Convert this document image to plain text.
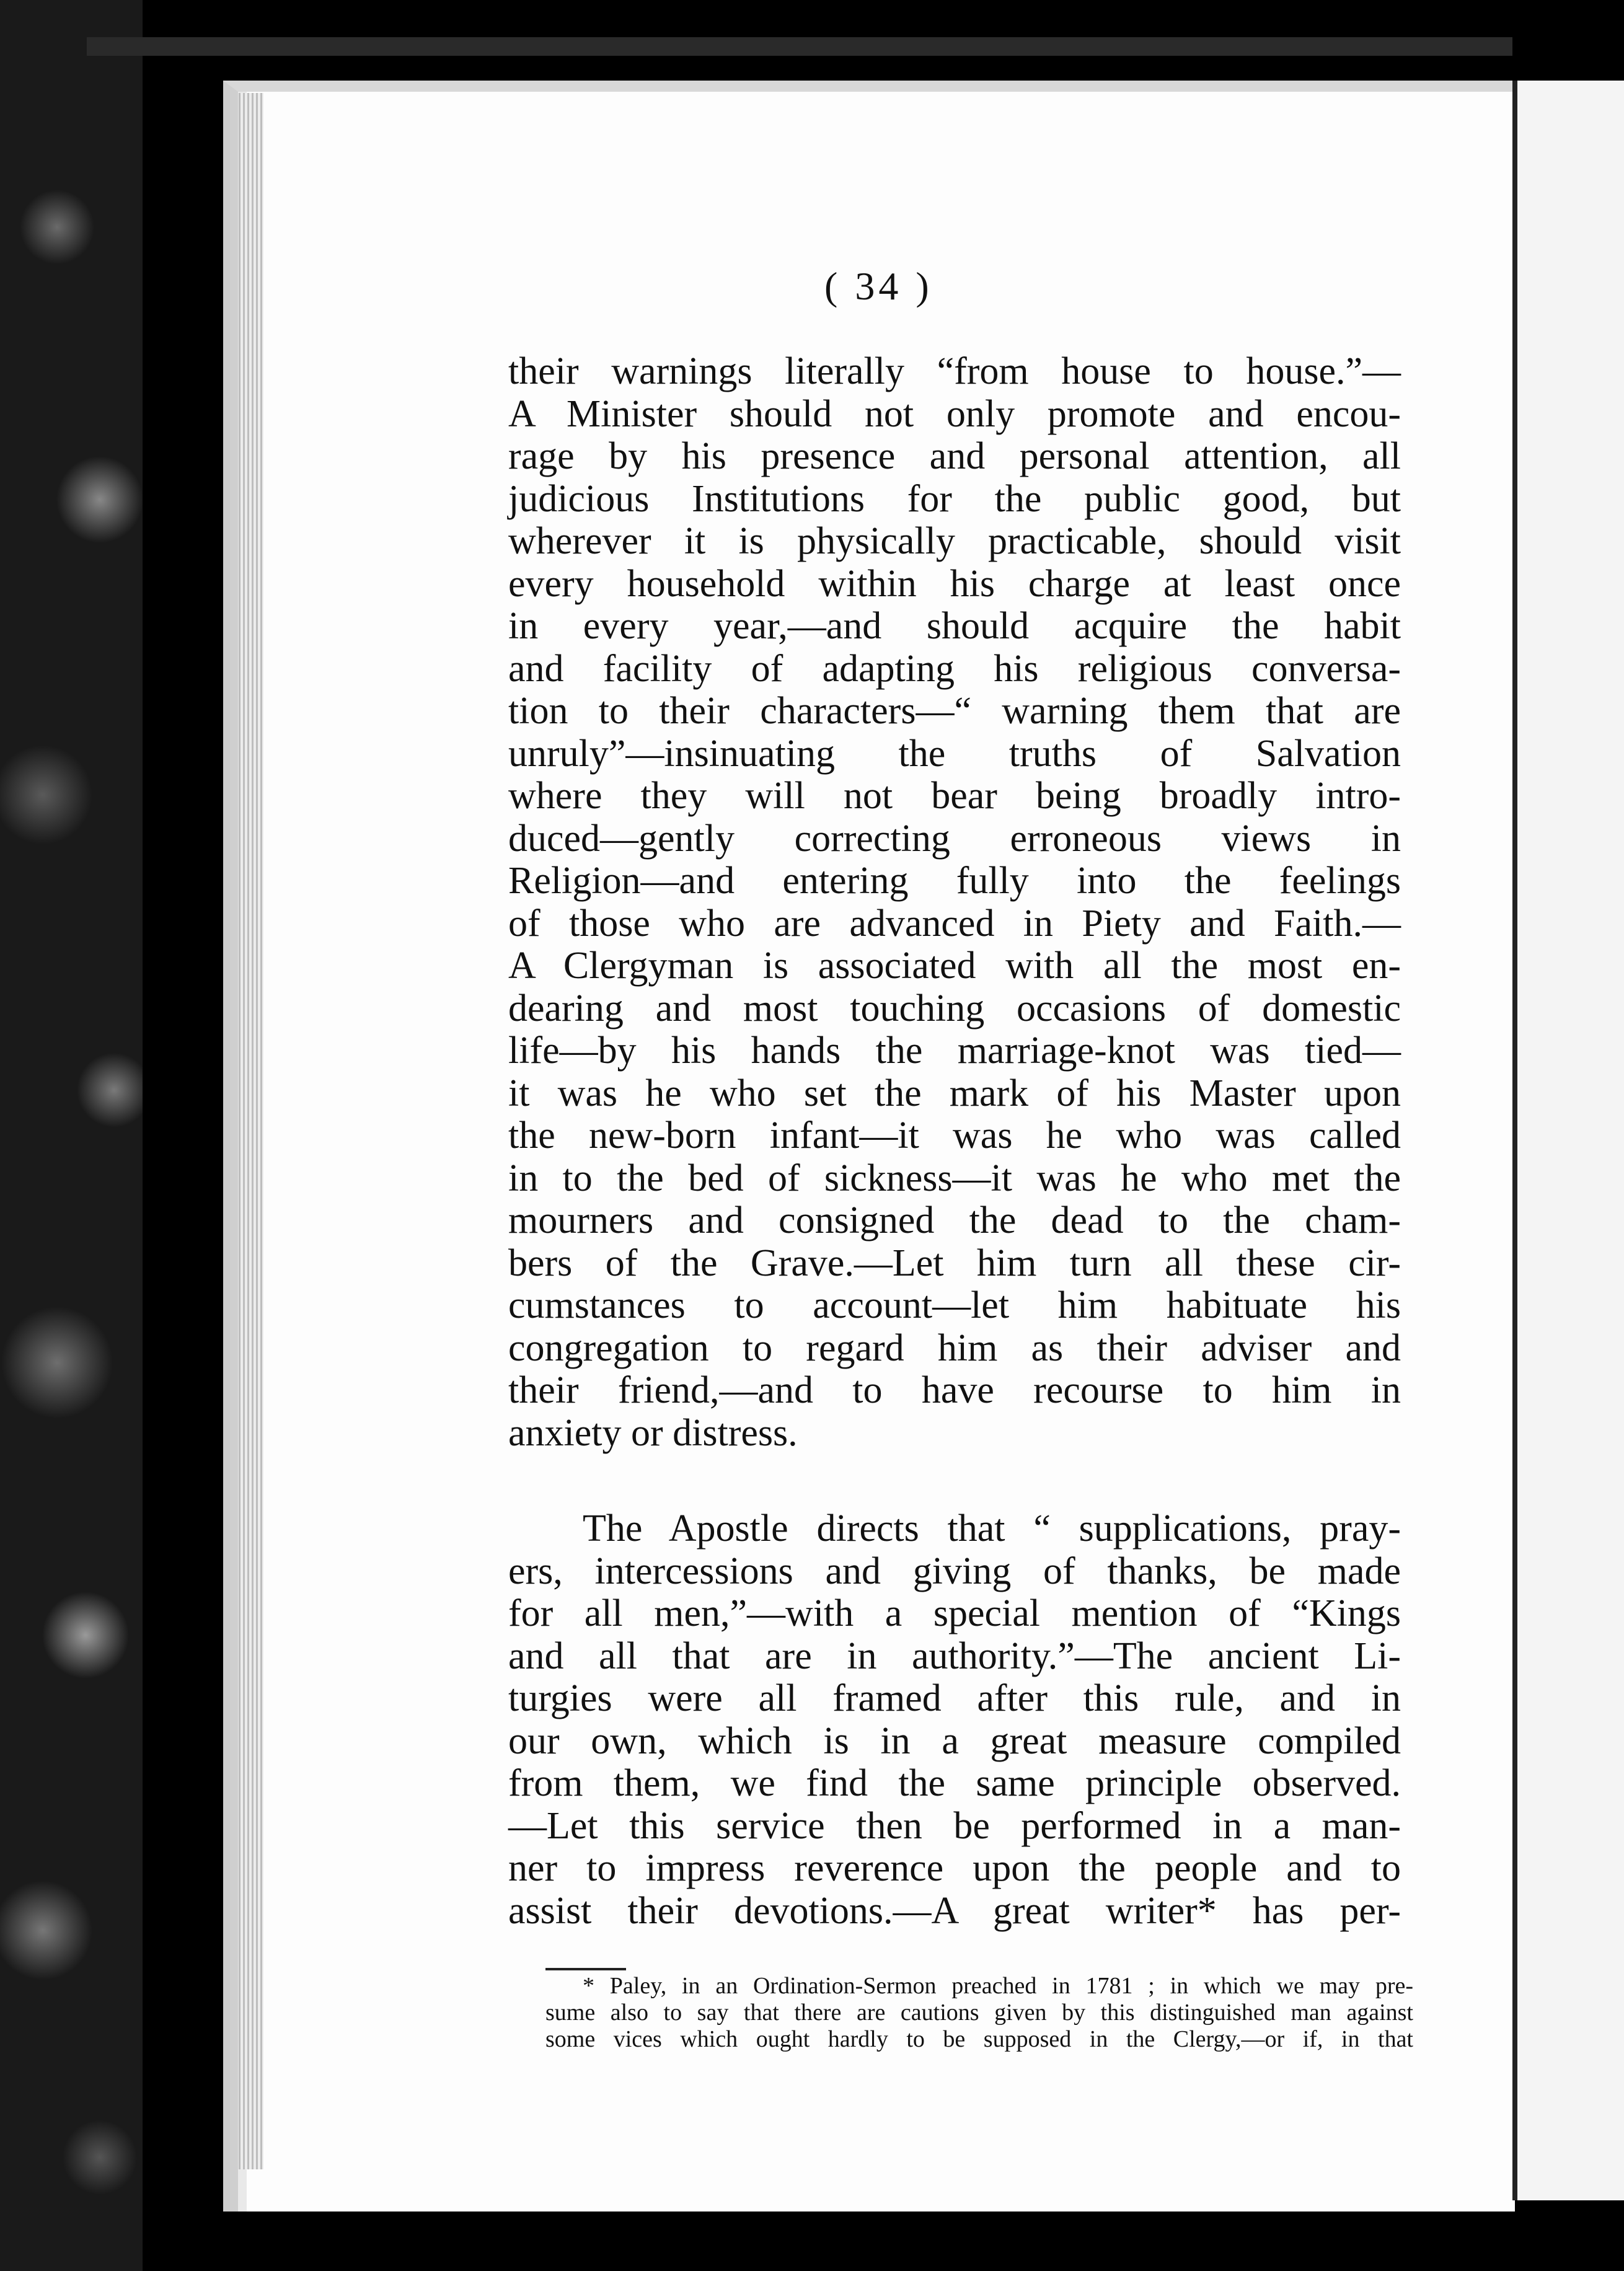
( 34 )
their warnings literally “from house to house.”—
A Minister should not only promote and encou-
rage by his presence and personal attention, all
judicious Institutions for the public good, but
wherever it is physically practicable, should visit
every household within his charge at least once
in every year,—and should acquire the habit
and facility of adapting his religious conversa-
tion to their characters—“ warning them that are
unruly”—insinuating the truths of Salvation
where they will not bear being broadly intro-
duced—gently correcting erroneous views in
Religion—and entering fully into the feelings
of those who are advanced in Piety and Faith.—
A Clergyman is associated with all the most en-
dearing and most touching occasions of domestic
life—by his hands the marriage-knot was tied—
it was he who set the mark of his Master upon
the new-born infant—it was he who was called
in to the bed of sickness—it was he who met the
mourners and consigned the dead to the cham-
bers of the Grave.—Let him turn all these cir-
cumstances to account—let him habituate his
congregation to regard him as their adviser and
their friend,—and to have recourse to him in
anxiety or distress.
The Apostle directs that “ supplications, pray-
ers, intercessions and giving of thanks, be made
for all men,”—with a special mention of “Kings
and all that are in authority.”—The ancient Li-
turgies were all framed after this rule, and in
our own, which is in a great measure compiled
from them, we find the same principle observed.
—Let this service then be performed in a man-
ner to impress reverence upon the people and to
assist their devotions.—A great writer* has per-
* Paley, in an Ordination-Sermon preached in 1781 ; in which we may pre-
sume also to say that there are cautions given by this distinguished man against
some vices which ought hardly to be supposed in the Clergy,—or if, in that
